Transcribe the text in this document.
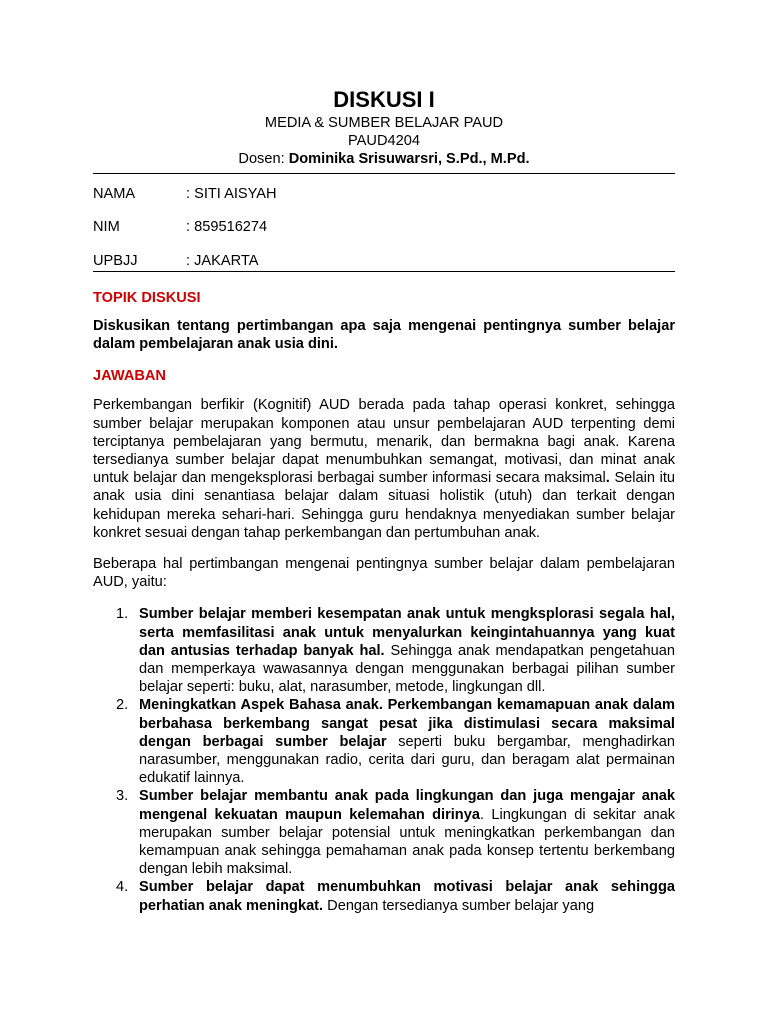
DISKUSI I
MEDIA & SUMBER BELAJAR PAUD
PAUD4204
Dosen: Dominika Srisuwarsri, S.Pd., M.Pd.
NAMA	: SITI AISYAH
NIM	: 859516274
UPBJJ	: JAKARTA
TOPIK DISKUSI

Diskusikan tentang pertimbangan apa saja mengenai pentingnya sumber belajar dalam pembelajaran anak usia dini.

JAWABAN

Perkembangan berfikir (Kognitif) AUD berada pada tahap operasi konkret, sehingga sumber belajar merupakan komponen atau unsur pembelajaran AUD terpenting demi terciptanya pembelajaran yang bermutu, menarik, dan bermakna bagi anak. Karena tersedianya sumber belajar dapat menumbuhkan semangat, motivasi, dan minat anak untuk belajar dan mengeksplorasi berbagai sumber informasi secara maksimal. Selain itu anak usia dini senantiasa belajar dalam situasi holistik (utuh) dan terkait dengan kehidupan mereka sehari-hari. Sehingga guru hendaknya menyediakan sumber belajar konkret sesuai dengan tahap perkembangan dan pertumbuhan anak.

Beberapa hal pertimbangan mengenai pentingnya sumber belajar dalam pembelajaran AUD, yaitu:

1. Sumber belajar memberi kesempatan anak untuk mengksplorasi segala hal, serta memfasilitasi anak untuk menyalurkan keingintahuannya yang kuat dan antusias terhadap banyak hal. Sehingga anak mendapatkan pengetahuan dan memperkaya wawasannya dengan menggunakan berbagai pilihan sumber belajar seperti: buku, alat, narasumber, metode, lingkungan dll.
2. Meningkatkan Aspek Bahasa anak. Perkembangan kemamapuan anak dalam berbahasa berkembang sangat pesat jika distimulasi secara maksimal dengan berbagai sumber belajar seperti buku bergambar, menghadirkan narasumber, menggunakan radio, cerita dari guru, dan beragam alat permainan edukatif lainnya.
3. Sumber belajar membantu anak pada lingkungan dan juga mengajar anak mengenal kekuatan maupun kelemahan dirinya. Lingkungan di sekitar anak merupakan sumber belajar potensial untuk meningkatkan perkembangan dan kemampuan anak sehingga pemahaman anak pada konsep tertentu berkembang dengan lebih maksimal.
4. Sumber belajar dapat menumbuhkan motivasi belajar anak sehingga perhatian anak meningkat. Dengan tersedianya sumber belajar yang
